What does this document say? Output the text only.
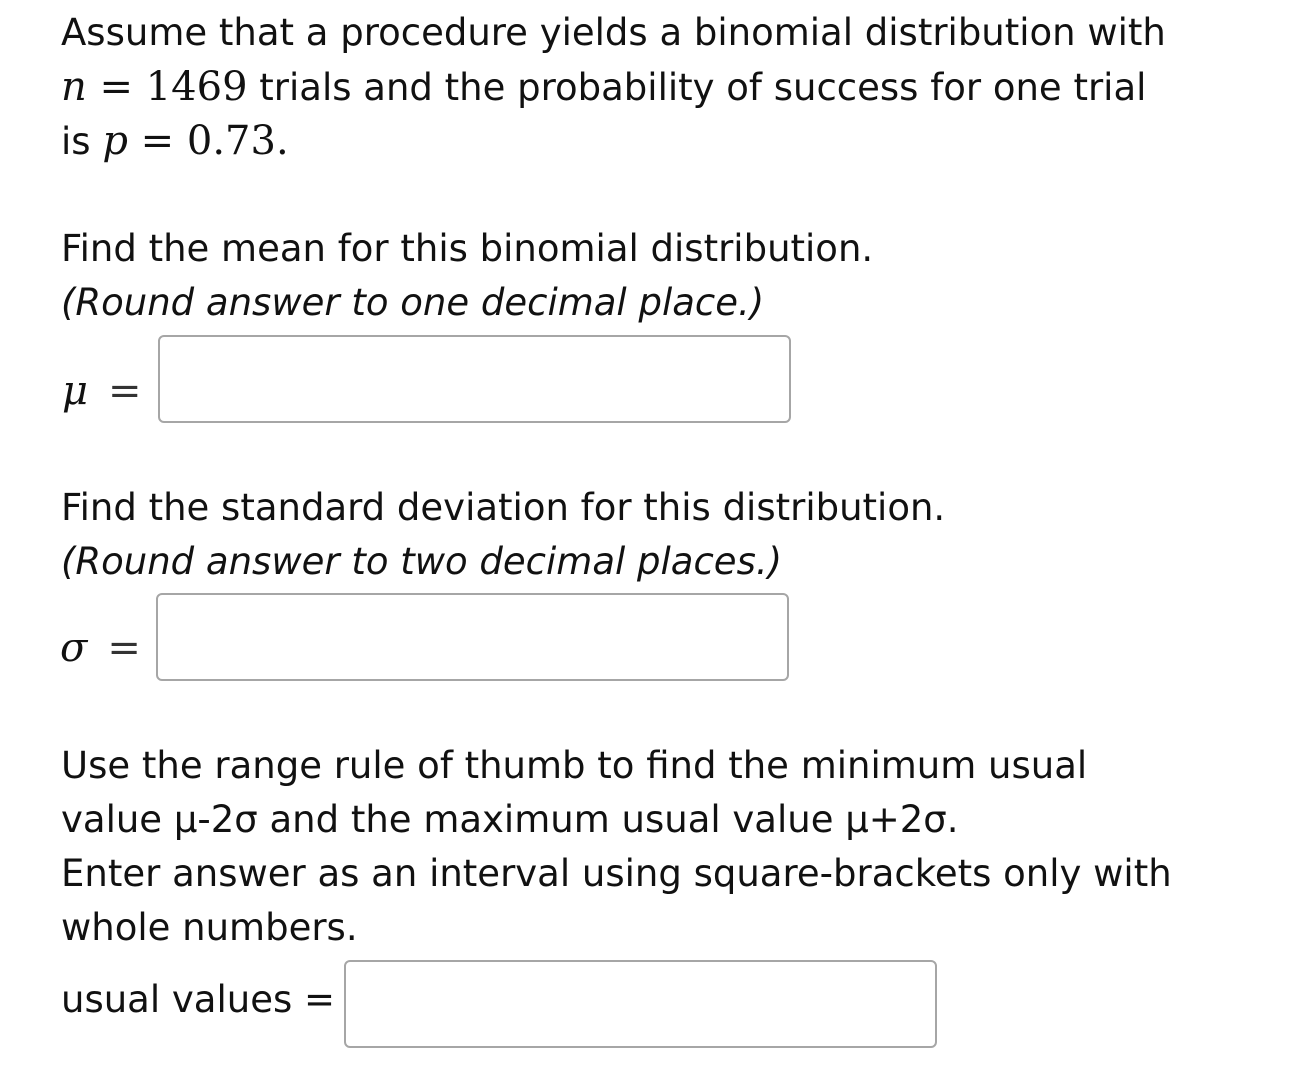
Assume that a procedure yields a binomial distribution with
n = 1469 trials and the probability of success for one trial
is p = 0.73.
Find the mean for this binomial distribution.
(Round answer to one decimal place.)
μ =
Find the standard deviation for this distribution.
(Round answer to two decimal places.)
σ =
Use the range rule of thumb to find the minimum usual
value μ-2σ and the maximum usual value μ+2σ.
Enter answer as an interval using square-brackets only with
whole numbers.
usual values =
